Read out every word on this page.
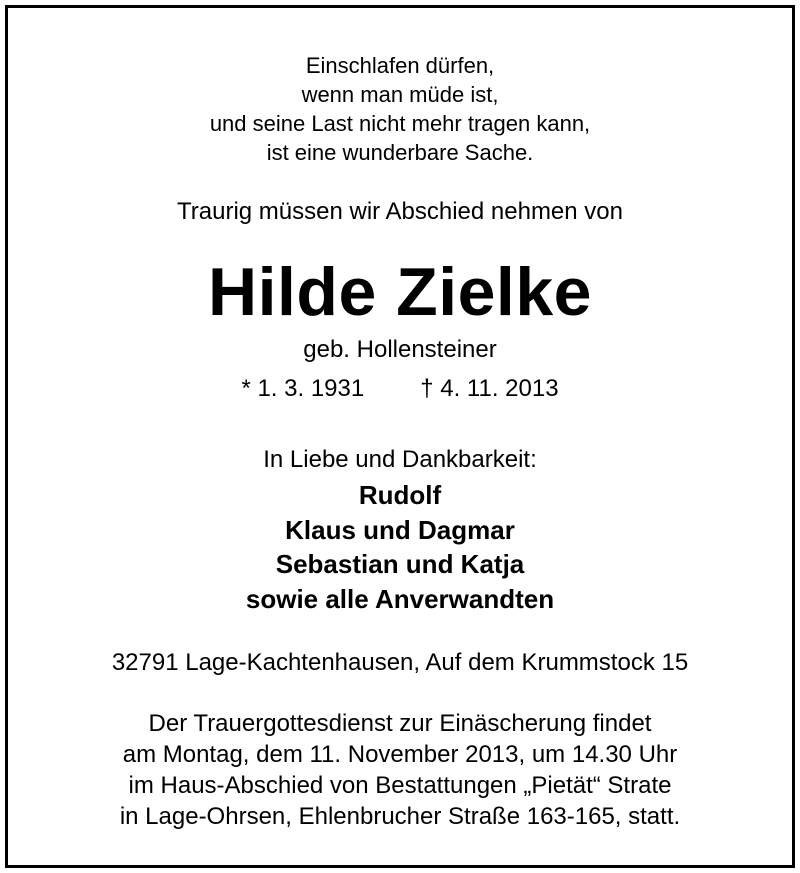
Einschlafen dürfen,
wenn man müde ist,
und seine Last nicht mehr tragen kann,
ist eine wunderbare Sache.
Traurig müssen wir Abschied nehmen von
Hilde Zielke
geb. Hollensteiner
* 1. 3. 1931 † 4. 11. 2013
In Liebe und Dankbarkeit:
Rudolf
Klaus und Dagmar
Sebastian und Katja
sowie alle Anverwandten
32791 Lage-Kachtenhausen, Auf dem Krummstock 15
Der Trauergottesdienst zur Einäscherung findet
am Montag, dem 11. November 2013, um 14.30 Uhr
im Haus-Abschied von Bestattungen „Pietät“ Strate
in Lage-Ohrsen, Ehlenbrucher Straße 163-165, statt.
